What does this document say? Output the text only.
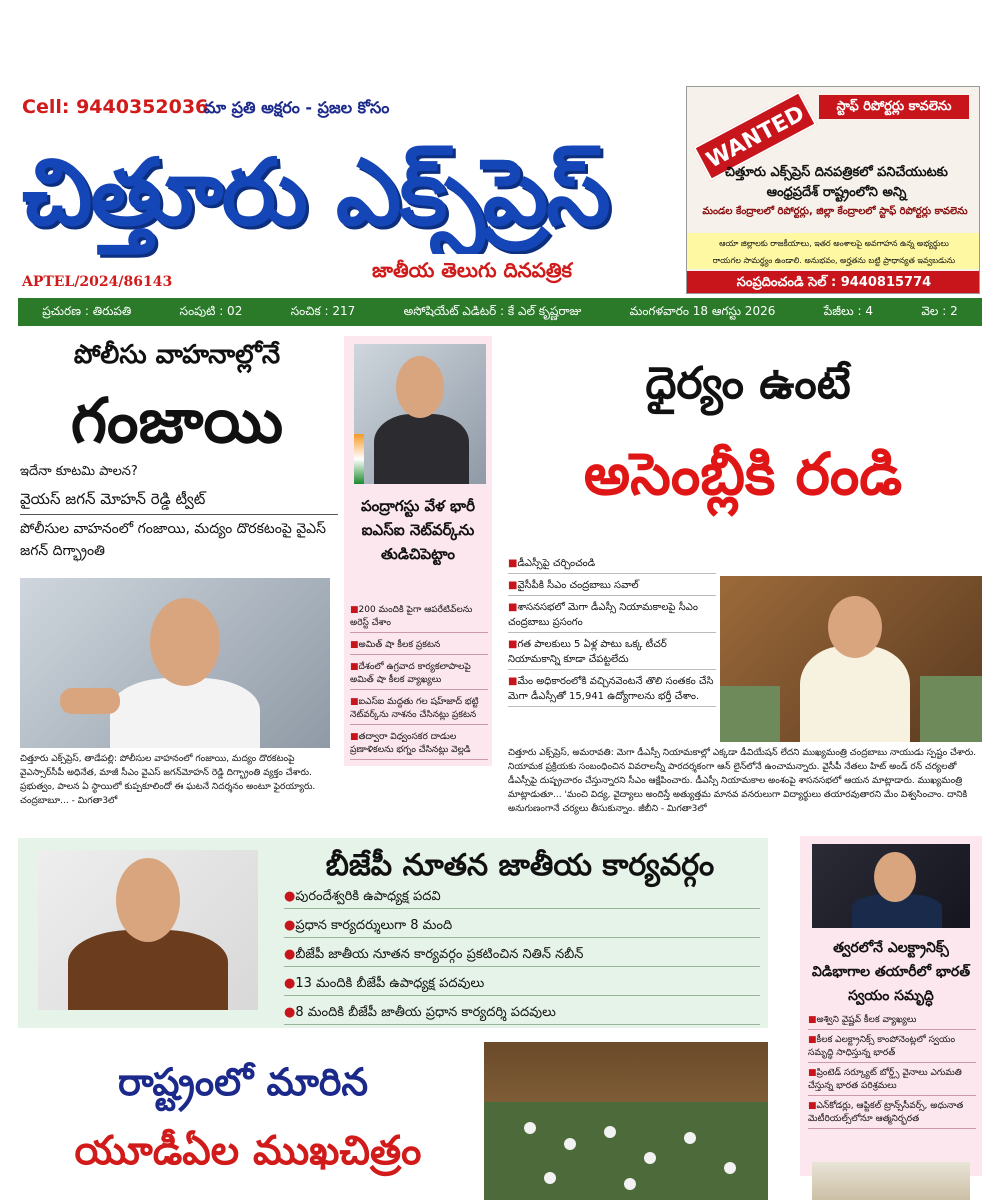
Cell: 9440352036
మా ప్రతి అక్షరం - ప్రజల కోసం
చిత్తూరు ఎక్స్‌ప్రెస్
జాతీయ తెలుగు దినపత్రిక
APTEL/2024/86143
స్టాఫ్ రిపోర్టర్లు కావలెను
WANTED
చిత్తూరు ఎక్స్‌ప్రెస్ దినపత్రికలో పనిచేయుటకు ఆంధ్రప్రదేశ్ రాష్ట్రంలోని అన్ని
మండల కేంద్రాలలో రిపోర్టర్లు, జిల్లా కేంద్రాలలో స్టాఫ్ రిపోర్టర్లు కావలెను
ఆయా జిల్లాలకు రాజకీయాలు, ఇతర అంశాలపై అవగాహన ఉన్న అభ్యర్థులు
రాయగల సామర్థ్యం ఉండాలి. అనుభవం, అర్హతను బట్టి ప్రాధాన్యత ఇవ్వబడును
సంప్రదించండి సెల్ : 9440815774
ప్రచురణ : తిరుపతి	సంపుటి : 02	సంచిక : 217	అసోషియేట్ ఎడిటర్ : కే ఎల్ కృష్ణరాజు	మంగళవారం 18 ఆగస్టు 2026	పేజీలు : 4	వెల : 2
పోలీసు వాహనాల్లోనే
గంజాయి
ఇదేనా కూటమి పాలన?
వైయస్ జగన్ మోహన్ రెడ్డి ట్వీట్
పోలీసుల వాహనంలో గంజాయి, మద్యం దొరకటంపై వైఎస్ జగన్ దిగ్భ్రాంతి
చిత్తూరు ఎక్స్‌ప్రెస్, తాడేపల్లి: పోలీసుల వాహనంలో గంజాయి, మద్యం దొరకటంపై వైఎస్సార్‌సీపీ అధినేత, మాజీ సీఎం వైఎస్ జగన్‌మోహన్ రెడ్డి దిగ్భ్రాంతి వ్యక్తం చేశారు. ప్రభుత్వం, పాలన ఏ స్థాయిలో కుప్పకూలిందో ఈ ఘటనే నిదర్శనం అంటూ ఫైరయ్యారు. చంద్రబాబూ... - మిగతా3లో
పంద్రాగస్టు వేళ భారీ ఐఎస్ఐ నెట్‌వర్క్‌ను తుడిచిపెట్టాం
■ 200 మందికి పైగా ఆపరేటివ్‌లను అరెస్ట్ చేశాం
■ అమిత్ షా కీలక ప్రకటన
■ దేశంలో ఉగ్రవాద కార్యకలాపాలపై అమిత్ షా కీలక వ్యాఖ్యలు
■ ఐఎస్ఐ మద్దతు గల షహ్‌జాద్ భట్టి నెట్‌వర్క్‌ను నాశనం చేసినట్లు ప్రకటన
■ తద్వారా విధ్వంసకర దాడుల ప్రణాళికలను భగ్నం చేసినట్లు వెల్లడి
ధైర్యం ఉంటే
అసెంబ్లీకి రండి
■ డీఎస్సీపై చర్చించండి
■ వైసీపీకి సీఎం చంద్రబాబు సవాల్
■ శాసనసభలో మెగా డీఎస్సీ నియామకాలపై సీఎం చంద్రబాబు ప్రసంగం
■ గత పాలకులు 5 ఏళ్ల పాటు ఒక్క టీచర్ నియామకాన్ని కూడా చేపట్టలేదు
■ మేం అధికారంలోకి వచ్చినవెంటనే తొలి సంతకం చేసి మెగా డీఎస్సీతో 15,941 ఉద్యోగాలను భర్తీ చేశాం.
చిత్తూరు ఎక్స్‌ప్రెస్, అమరావతి: మెగా డీఎస్సీ నియామకాల్లో ఎక్కడా డీవియేషన్ లేదని ముఖ్యమంత్రి చంద్రబాబు నాయుడు స్పష్టం చేశారు. నియామక ప్రక్రియకు సంబంధించిన వివరాలన్నీ పారదర్శకంగా ఆన్ లైన్‌లోనే ఉంచామన్నారు. వైసీపీ నేతలు హిట్ అండ్ రన్ చర్యలతో డీఎస్సీపై దుష్ప్రచారం చేస్తున్నారని సీఎం ఆక్షేపించారు. డీఎస్సీ నియామకాల అంశంపై శాసనసభలో ఆయన మాట్లాడారు. ముఖ్యమంత్రి మాట్లాడుతూ... 'మంచి విద్య, వైద్యాలు అందిస్తే అత్యుత్తమ మానవ వనరులుగా విద్యార్థులు తయారవుతారని మేం విశ్వసించాం. దానికి అనుగుణంగానే చర్యలు తీసుకున్నాం. జీబీని - మిగతా3లో
బీజేపీ నూతన జాతీయ కార్యవర్గం
● పురందేశ్వరికి ఉపాధ్యక్ష పదవి
● ప్రధాన కార్యదర్శులుగా 8 మంది
● బీజేపీ జాతీయ నూతన కార్యవర్గం ప్రకటించిన నితిన్ నబీన్
● 13 మందికి బీజేపీ ఉపాధ్యక్ష పదవులు
● 8 మందికి బీజేపీ జాతీయ ప్రధాన కార్యదర్శి పదవులు
త్వరలోనే ఎలక్ట్రానిక్స్ విడిభాగాల తయారీలో భారత్ స్వయం సమృద్ధి
■ అశ్విని వైష్ణవ్ కీలక వ్యాఖ్యలు
■ కీలక ఎలక్ట్రానిక్స్ కాంపోనెంట్లలో స్వయం సమృద్ధి సాధిస్తున్న భారత్
■ ప్రింటెడ్ సర్క్యూట్ బోర్డ్స్ వైనాలు ఎగుమతి చేస్తున్న భారత పరిశ్రమలు
■ ఎన్‌కోడర్లు, ఆప్టికల్ ట్రాన్స్‌సీవర్స్, అధునాత మెటీరియల్స్‌లోనూ ఆత్మనిర్భరత
రాష్ట్రంలో మారిన
యూడీఏల ముఖచిత్రం
